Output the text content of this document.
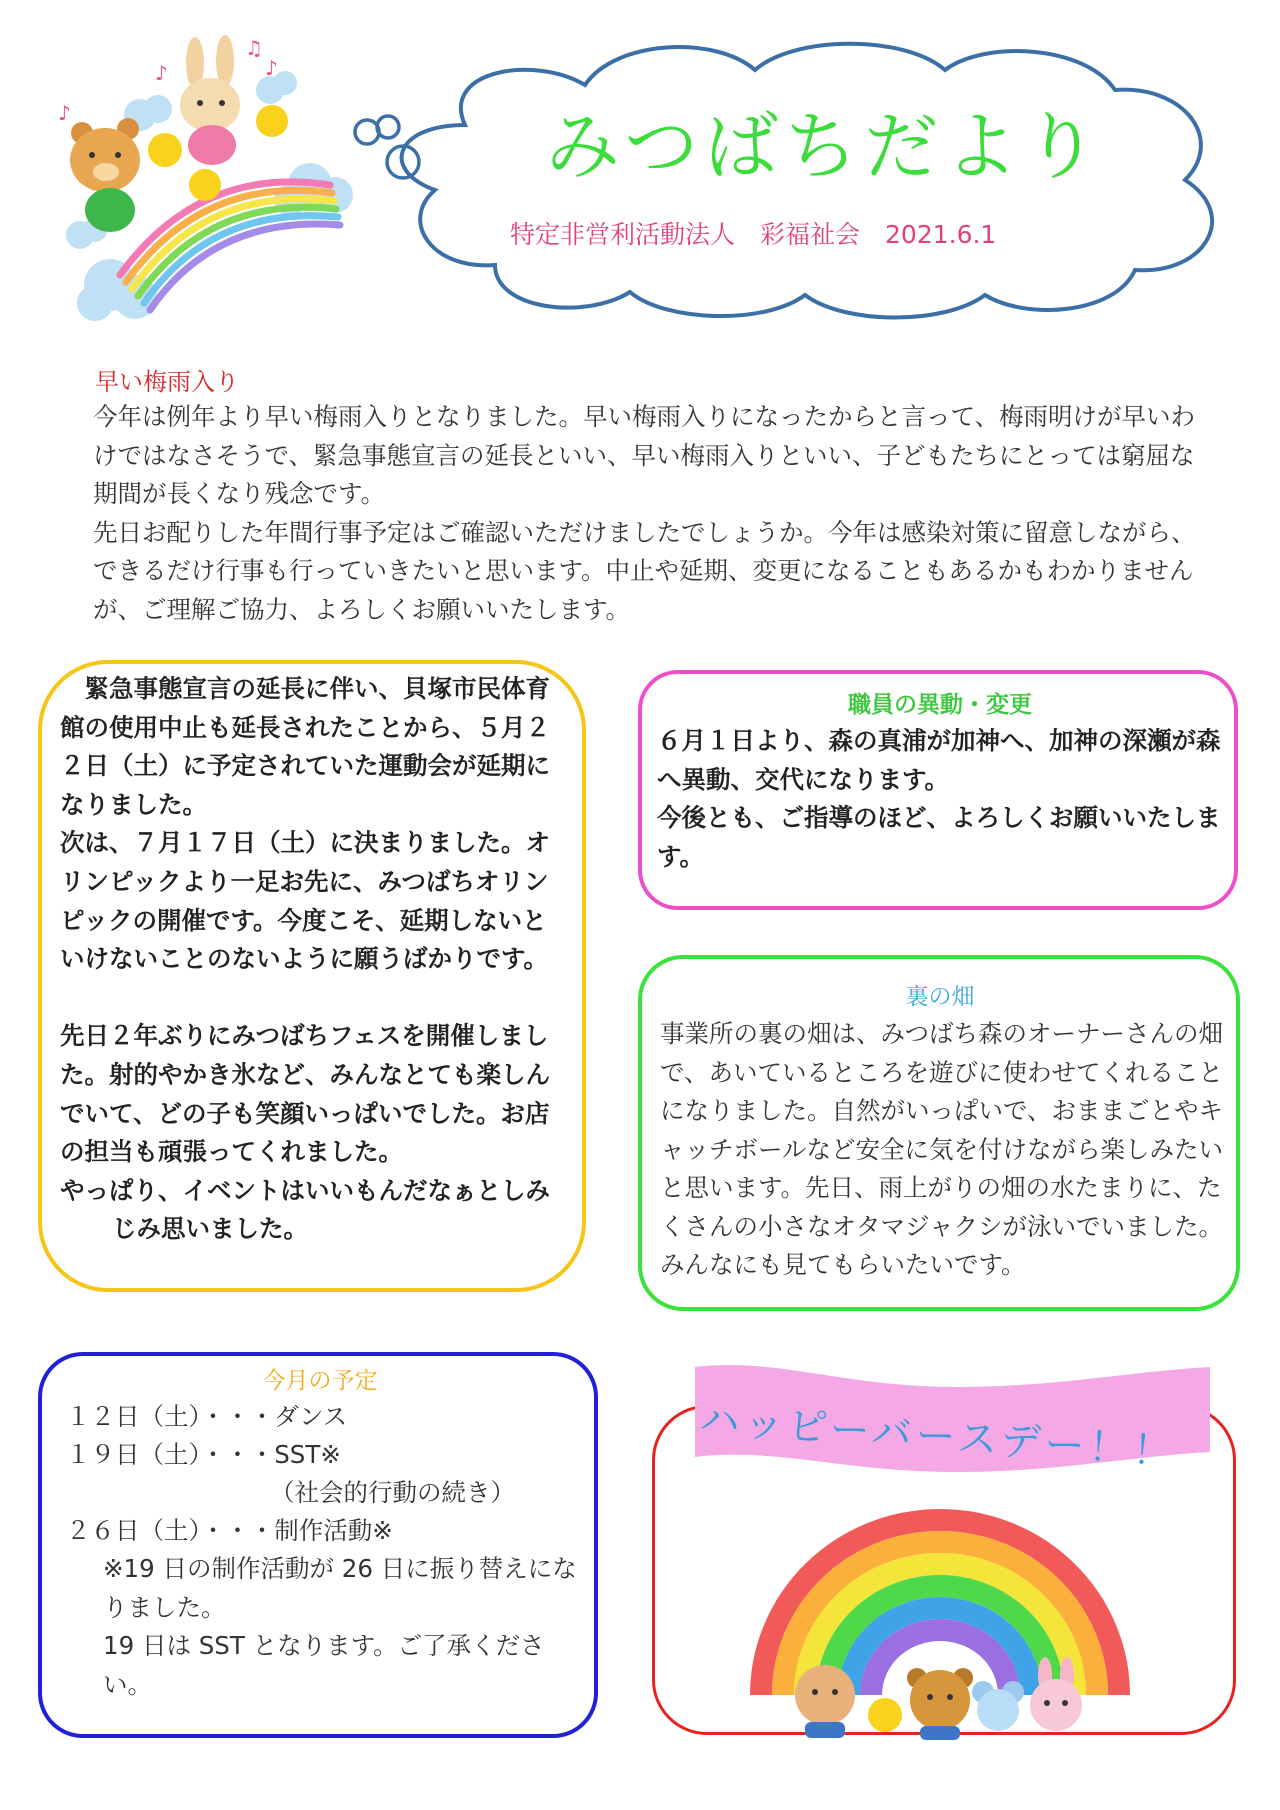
♪
♫
♪	♪
みつばちだより
特定非営利活動法人　彩福祉会　2021.6.1
早い梅雨入り

今年は例年より早い梅雨入りとなりました。早い梅雨入りになったからと言って、梅雨明けが早いわけではなさそうで、緊急事態宣言の延長といい、早い梅雨入りといい、子どもたちにとっては窮屈な期間が長くなり残念です。

先日お配りした年間行事予定はご確認いただけましたでしょうか。今年は感染対策に留意しながら、できるだけ行事も行っていきたいと思います。中止や延期、変更になることもあるかもわかりませんが、ご理解ご協力、よろしくお願いいたします。

　緊急事態宣言の延長に伴い、貝塚市民体育館の使用中止も延長されたことから、５月２２日（土）に予定されていた運動会が延期になりました。

次は、７月１７日（土）に決まりました。オリンピックより一足お先に、みつばちオリンピックの開催です。今度こそ、延期しないといけないことのないように願うばかりです。

先日２年ぶりにみつばちフェスを開催しました。射的やかき氷など、みんなとても楽しんでいて、どの子も笑顔いっぱいでした。お店の担当も頑張ってくれました。

やっぱり、イベントはいいもんだなぁとしみじみ思いました。

職員の異動・変更

６月１日より、森の真浦が加神へ、加神の深瀬が森へ異動、交代になります。

今後とも、ご指導のほど、よろしくお願いいたします。

裏の畑
事業所の裏の畑は、みつばち森のオーナーさんの畑で、あいているところを遊びに使わせてくれることになりました。自然がいっぱいで、おままごとやキャッチボールなど安全に気を付けながら楽しみたいと思います。先日、雨上がりの畑の水たまりに、たくさんの小さなオタマジャクシが泳いでいました。みんなにも見てもらいたいです。
今月の予定
１２日（土）・・・ダンス
１９日（土）・・・SST※
（社会的行動の続き）
２６日（土）・・・制作活動※
※19 日の制作活動が 26 日に振り替えになりました。
19 日は SST となります。ご了承ください。
ハッピーバースデー！！
